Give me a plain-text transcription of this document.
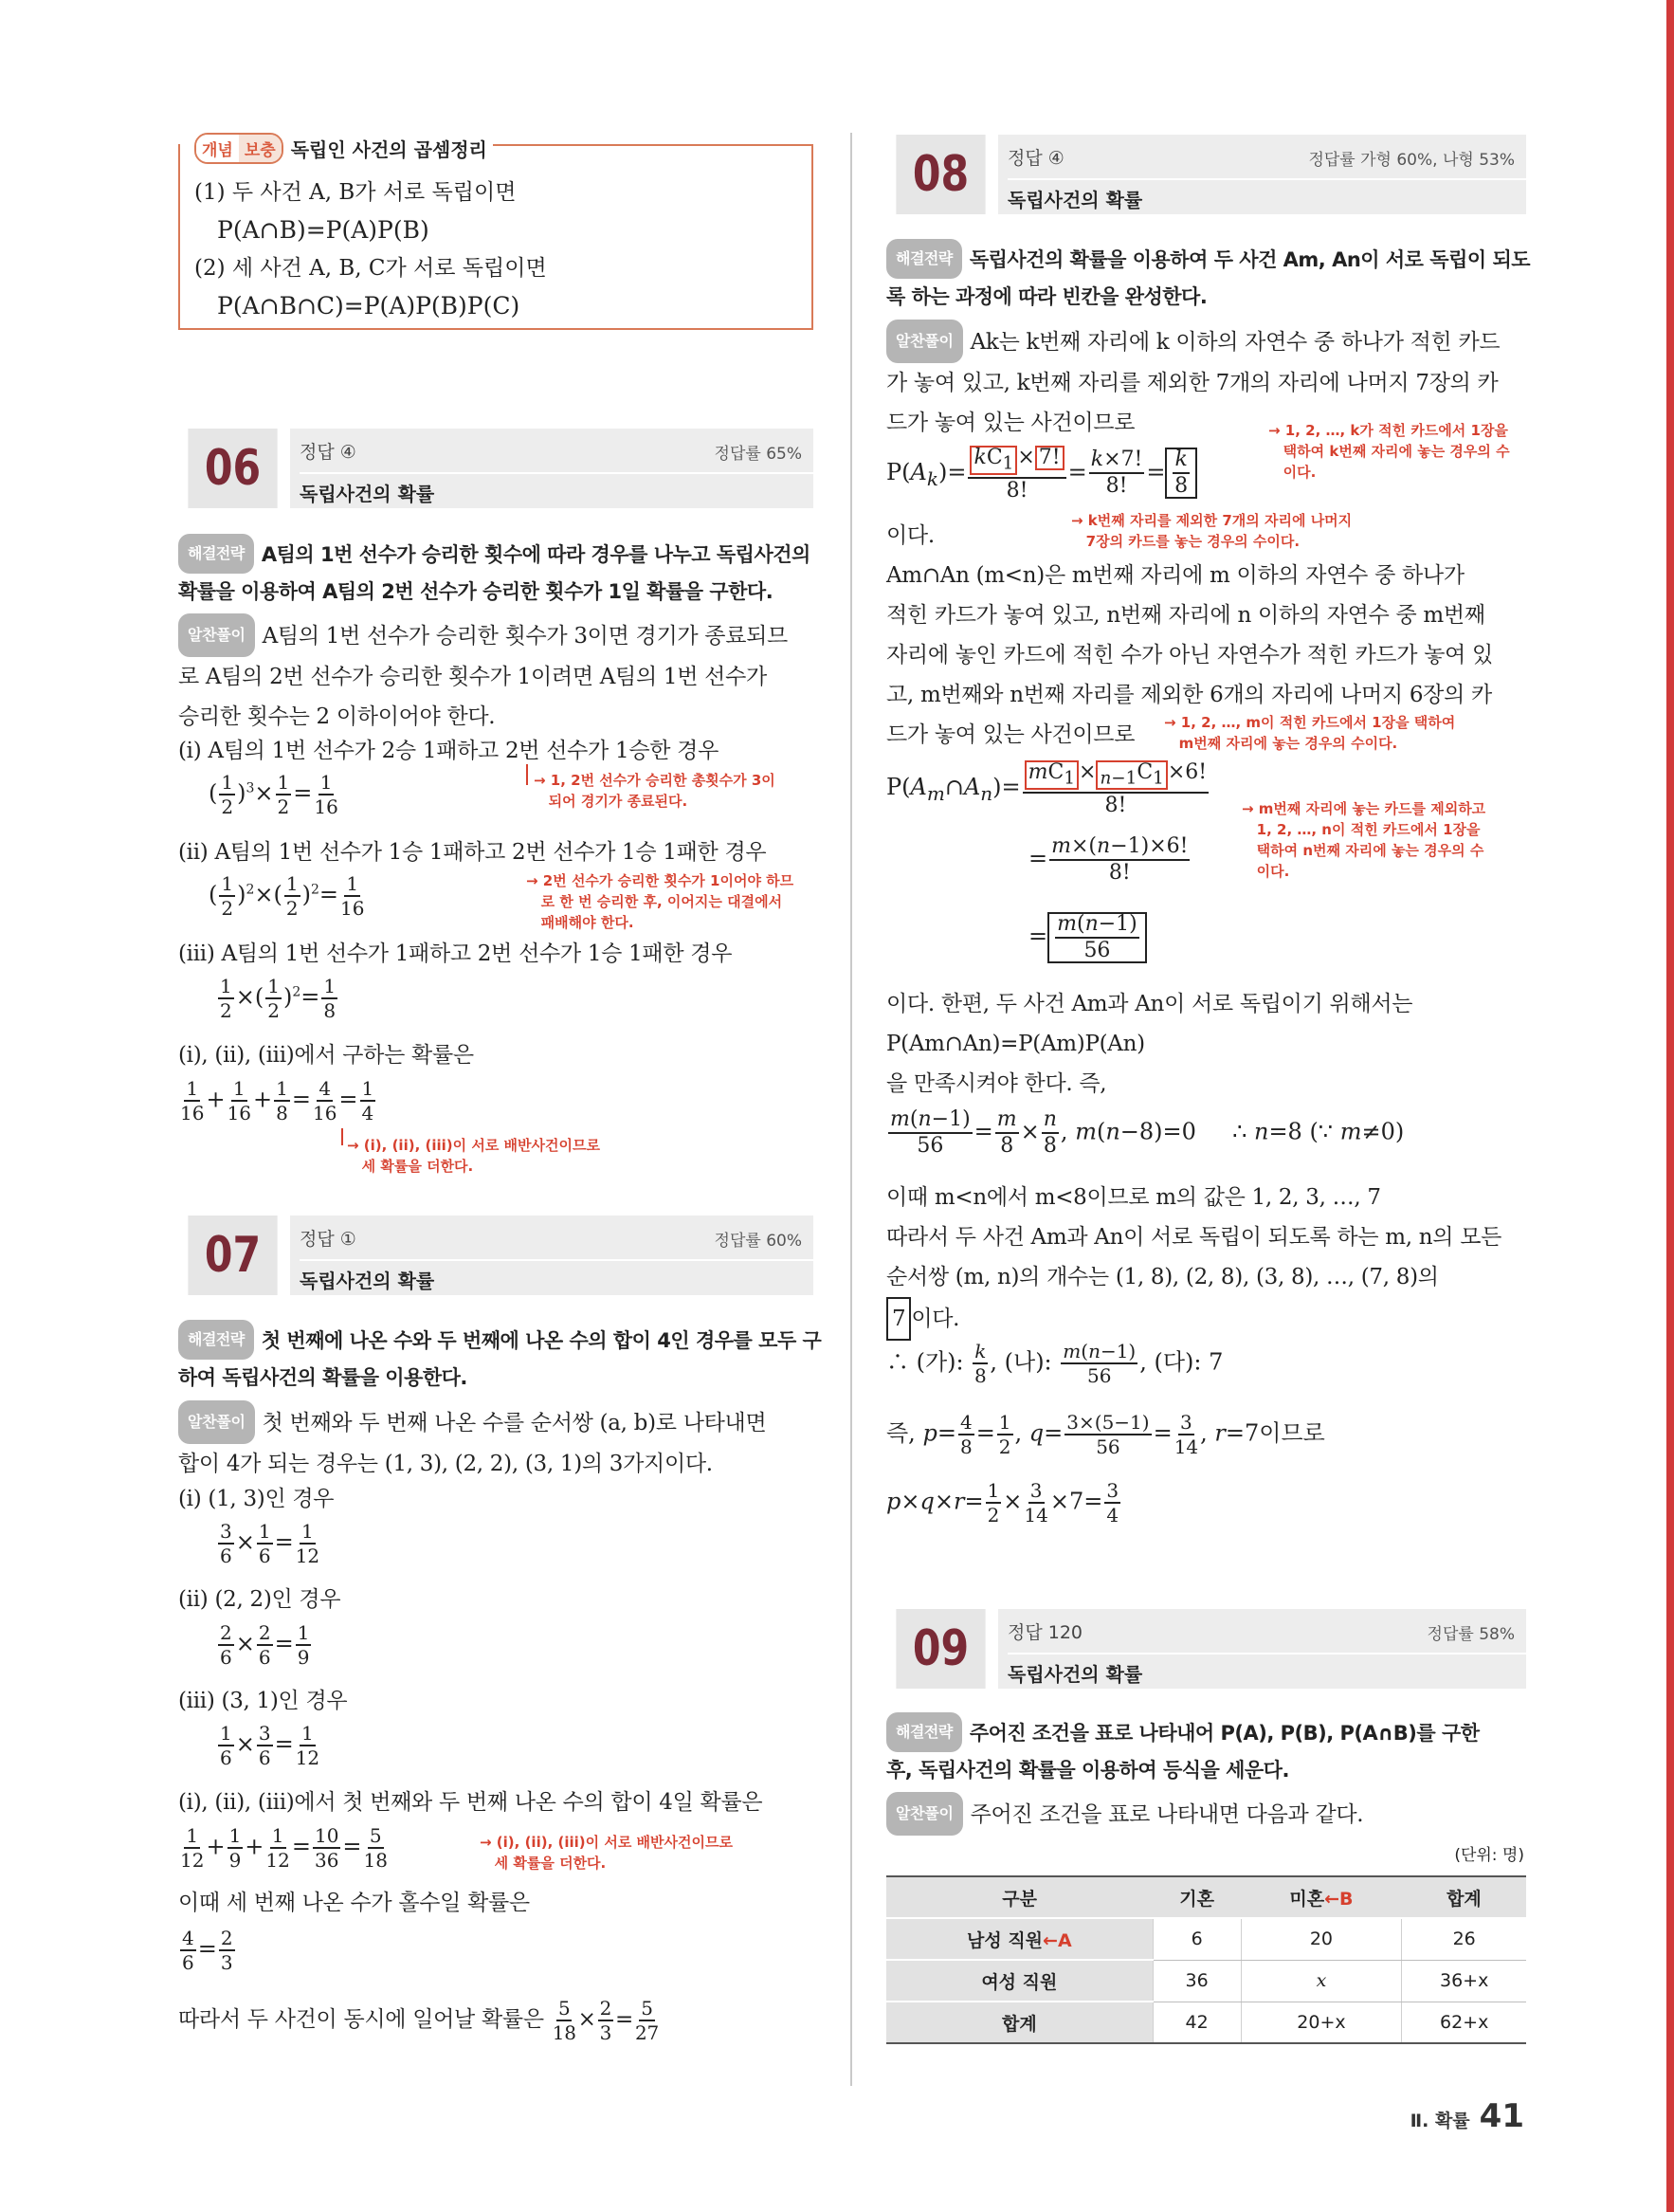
개념 보충 독립인 사건의 곱셈정리
(1) 두 사건 A, B가 서로 독립이면
P(A∩B)=P(A)P(B)
(2) 세 사건 A, B, C가 서로 독립이면
P(A∩B∩C)=P(A)P(B)P(C)
06	정답 ④	정답률 65%
독립사건의 확률
해결전략 A팀의 1번 선수가 승리한 횟수에 따라 경우를 나누고 독립사건의
확률을 이용하여 A팀의 2번 선수가 승리한 횟수가 1일 확률을 구한다.
알찬풀이 A팀의 1번 선수가 승리한 횟수가 3이면 경기가 종료되므
로 A팀의 2번 선수가 승리한 횟수가 1이려면 A팀의 1번 선수가
승리한 횟수는 2 이하이어야 한다.
(i) A팀의 1번 선수가 2승 1패하고 2번 선수가 1승한 경우
( $\frac{1}{2} )^3\times \frac{1}{2} = \frac{1}{16}$	→ 1, 2번 선수가 승리한 총횟수가 3이
되어 경기가 종료된다.
(ii) A팀의 1번 선수가 1승 1패하고 2번 선수가 1승 1패한 경우
( $\frac{1}{2} )^2\times( \frac{1}{2} )^2= \frac{1}{16}$	→ 2번 선수가 승리한 횟수가 1이어야 하므
로 한 번 승리한 후, 이어지는 대결에서
패배해야 한다.
(iii) A팀의 1번 선수가 1패하고 2번 선수가 1승 1패한 경우
$\frac{1}{2}$ ×( $\frac{1}{2} )^2= \frac{1}{8}$
(i), (ii), (iii)에서 구하는 확률은
$\frac{1}{16} + \frac{1}{16} + \frac{1}{8} = \frac{4}{16} = \frac{1}{4}$
→ (i), (ii), (iii)이 서로 배반사건이므로
세 확률을 더한다.
07	정답 ①	정답률 60%
독립사건의 확률
해결전략 첫 번째에 나온 수와 두 번째에 나온 수의 합이 4인 경우를 모두 구
하여 독립사건의 확률을 이용한다.
알찬풀이 첫 번째와 두 번째 나온 수를 순서쌍 (a, b)로 나타내면
합이 4가 되는 경우는 (1, 3), (2, 2), (3, 1)의 3가지이다.
(i) (1, 3)인 경우
$\frac{3}{6} \times \frac{1}{6} = \frac{1}{12}$
(ii) (2, 2)인 경우
$\frac{2}{6} \times \frac{2}{6} = \frac{1}{9}$
(iii) (3, 1)인 경우
$\frac{1}{6} \times \frac{3}{6} = \frac{1}{12}$
(i), (ii), (iii)에서 첫 번째와 두 번째 나온 수의 합이 4일 확률은
$\frac{1}{12} + \frac{1}{9} + \frac{1}{12} = \frac{10}{36} = \frac{5}{18}$	→ (i), (ii), (iii)이 서로 배반사건이므로
세 확률을 더한다.
이때 세 번째 나온 수가 홀수일 확률은
$\frac{4}{6} = \frac{2}{3}$
따라서 두 사건이 동시에 일어날 확률은 $\frac{5}{18} \times \frac{2}{3} = \frac{5}{27}$
08	정답 ④	정답률 가형 60%, 나형 53%
독립사건의 확률
해결전략 독립사건의 확률을 이용하여 두 사건 Am, An이 서로 독립이 되도
록 하는 과정에 따라 빈칸을 완성한다.
알찬풀이 Ak는 k번째 자리에 k 이하의 자연수 중 하나가 적힌 카드
가 놓여 있고, k번째 자리를 제외한 7개의 자리에 나머지 7장의 카
드가 놓여 있는 사건이므로
$P(A_k)= \frac{kC_1 \times 7!}{8!} = \frac{k\times 7!}{8!} = \frac{k}{8}$
→ 1, 2, …, k가 적힌 카드에서 1장을
택하여 k번째 자리에 놓는 경우의 수
이다.
→ k번째 자리를 제외한 7개의 자리에 나머지
7장의 카드를 놓는 경우의 수이다.
이다.
Am∩An (m<n)은 m번째 자리에 m 이하의 자연수 중 하나가
적힌 카드가 놓여 있고, n번째 자리에 n 이하의 자연수 중 m번째
자리에 놓인 카드에 적힌 수가 아닌 자연수가 적힌 카드가 놓여 있
고, m번째와 n번째 자리를 제외한 6개의 자리에 나머지 6장의 카
드가 놓여 있는 사건이므로	→ 1, 2, …, m이 적힌 카드에서 1장을 택하여
m번째 자리에 놓는 경우의 수이다.
$P(A_m\cap A_n)= \frac{mC_1 \times _{n-1}C_1 \times 6!}{8!} \to m$번째 자리에 놓는 카드를 제외하고
1, 2, …, n이 적힌 카드에서 1장을
택하여 n번째 자리에 놓는 경우의 수
이다.
= $\frac{m\times(n-1)\times 6!}{8!}$
= $\frac{m(n-1)}{56}$
이다. 한편, 두 사건 Am과 An이 서로 독립이기 위해서는
P(Am∩An)=P(Am)P(An)
을 만족시켜야 한다. 즉,
$\frac{m(n-1)}{56} = \frac{m}{8} \times \frac{n}{8}$ , m(n−8)=0     ∴ n=8 (∵ m≠0)
이때 m<n에서 m<8이므로 m의 값은 1, 2, 3, …, 7
따라서 두 사건 Am과 An이 서로 독립이 되도록 하는 m, n의 모든
순서쌍 (m, n)의 개수는 (1, 8), (2, 8), (3, 8), …, (7, 8)의
7 이다.
∴ (가): $\frac{k}{8}$ , (나): $\frac{m(n-1)}{56}$ , (다): 7
즉, $p= \frac{4}{8} = \frac{1}{2}$ , $q= \frac{3\times(5-1)}{56} = \frac{3}{14}$ , r=7이므로
$p\times q\times r= \frac{1}{2} \times \frac{3}{14} \times 7= \frac{3}{4}$
09	정답 120	정답률 58%
독립사건의 확률
해결전략 주어진 조건을 표로 나타내어 P(A), P(B), P(A∩B)를 구한
후, 독립사건의 확률을 이용하여 등식을 세운다.
알찬풀이 주어진 조건을 표로 나타내면 다음과 같다.
(단위: 명)
구분	기혼	미혼←B	합계
남성 직원←A	6	20	26
여성 직원	36	x	36+x
합계	42	20+x	62+x
Ⅱ. 확률 41
